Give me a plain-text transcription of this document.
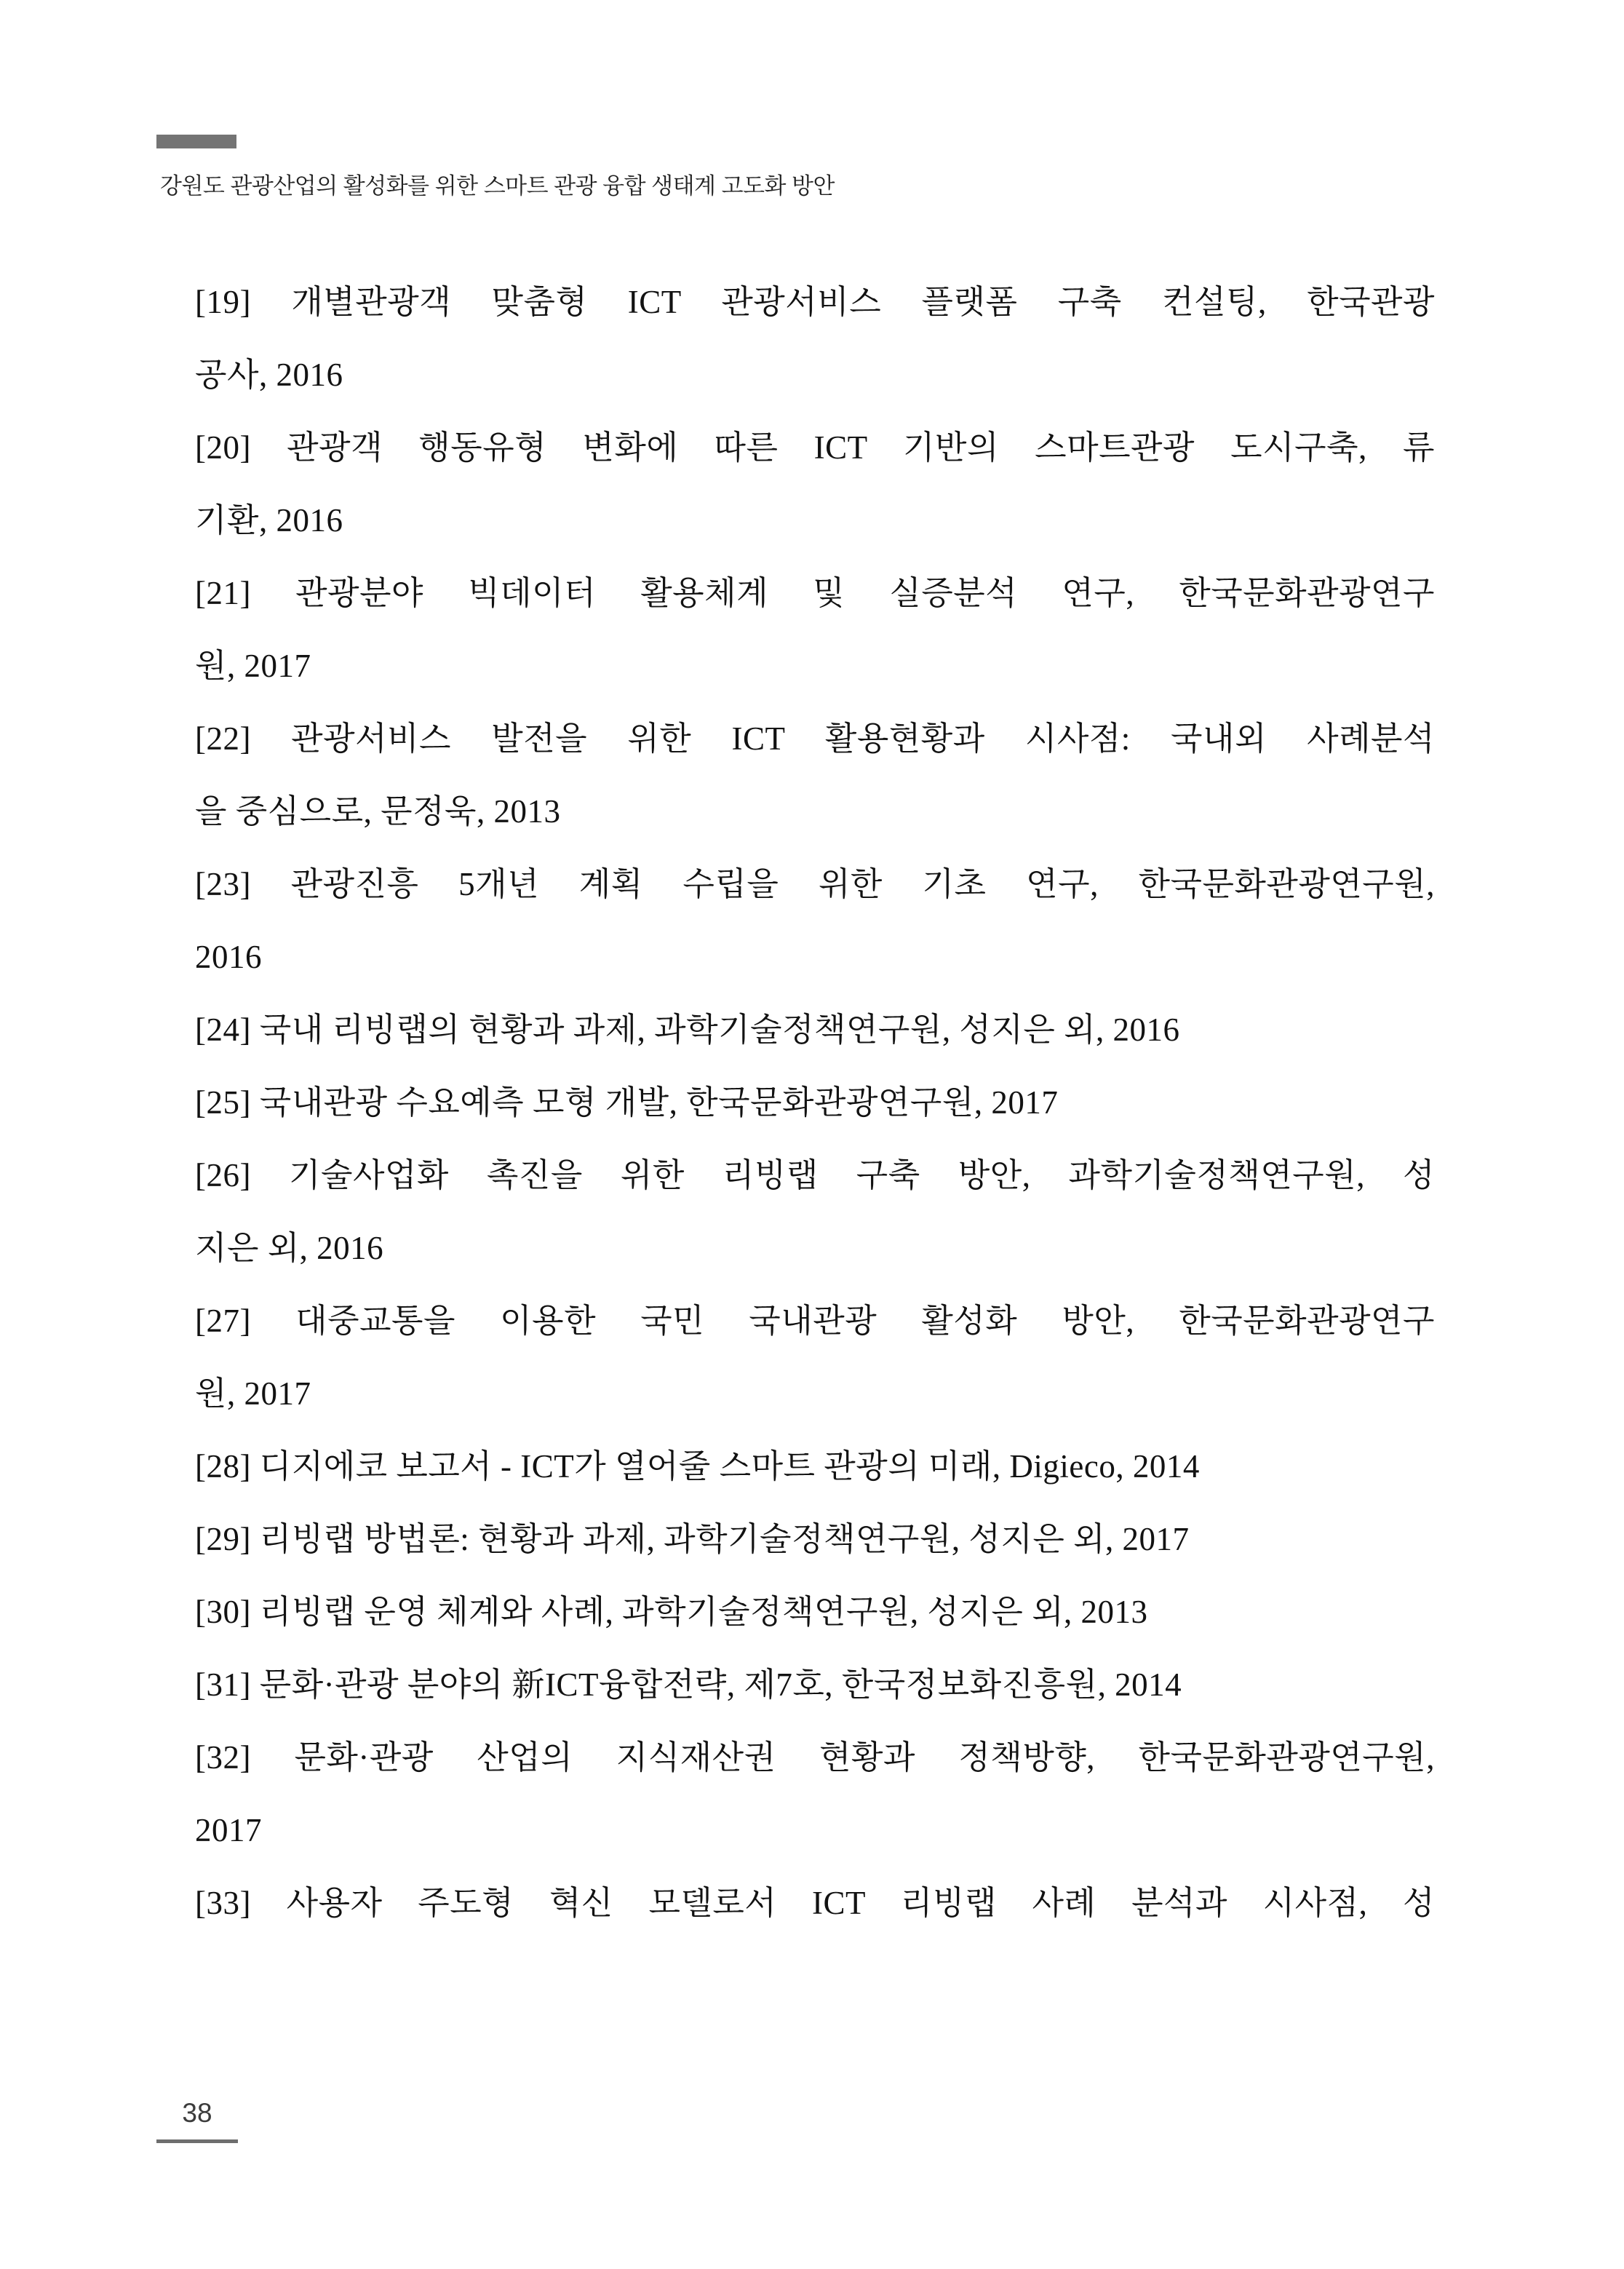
강원도 관광산업의 활성화를 위한 스마트 관광 융합 생태계 고도화 방안
[19] 개별관광객 맞춤형 ICT 관광서비스 플랫폼 구축 컨설팅, 한국관광
공사, 2016
[20] 관광객 행동유형 변화에 따른 ICT 기반의 스마트관광 도시구축, 류
기환, 2016
[21] 관광분야 빅데이터 활용체계 및 실증분석 연구, 한국문화관광연구
원, 2017
[22] 관광서비스 발전을 위한 ICT 활용현황과 시사점: 국내외 사례분석
을 중심으로, 문정욱, 2013
[23] 관광진흥 5개년 계획 수립을 위한 기초 연구, 한국문화관광연구원,
2016
[24] 국내 리빙랩의 현황과 과제, 과학기술정책연구원, 성지은 외, 2016
[25] 국내관광 수요예측 모형 개발, 한국문화관광연구원, 2017
[26] 기술사업화 촉진을 위한 리빙랩 구축 방안, 과학기술정책연구원, 성
지은 외, 2016
[27] 대중교통을 이용한 국민 국내관광 활성화 방안, 한국문화관광연구
원, 2017
[28] 디지에코 보고서 - ICT가 열어줄 스마트 관광의 미래, Digieco, 2014
[29] 리빙랩 방법론: 현황과 과제, 과학기술정책연구원, 성지은 외, 2017
[30] 리빙랩 운영 체계와 사례, 과학기술정책연구원, 성지은 외, 2013
[31] 문화·관광 분야의 新ICT융합전략, 제7호, 한국정보화진흥원, 2014
[32] 문화·관광 산업의 지식재산권 현황과 정책방향, 한국문화관광연구원,
2017
[33] 사용자 주도형 혁신 모델로서 ICT 리빙랩 사례 분석과 시사점, 성
38
